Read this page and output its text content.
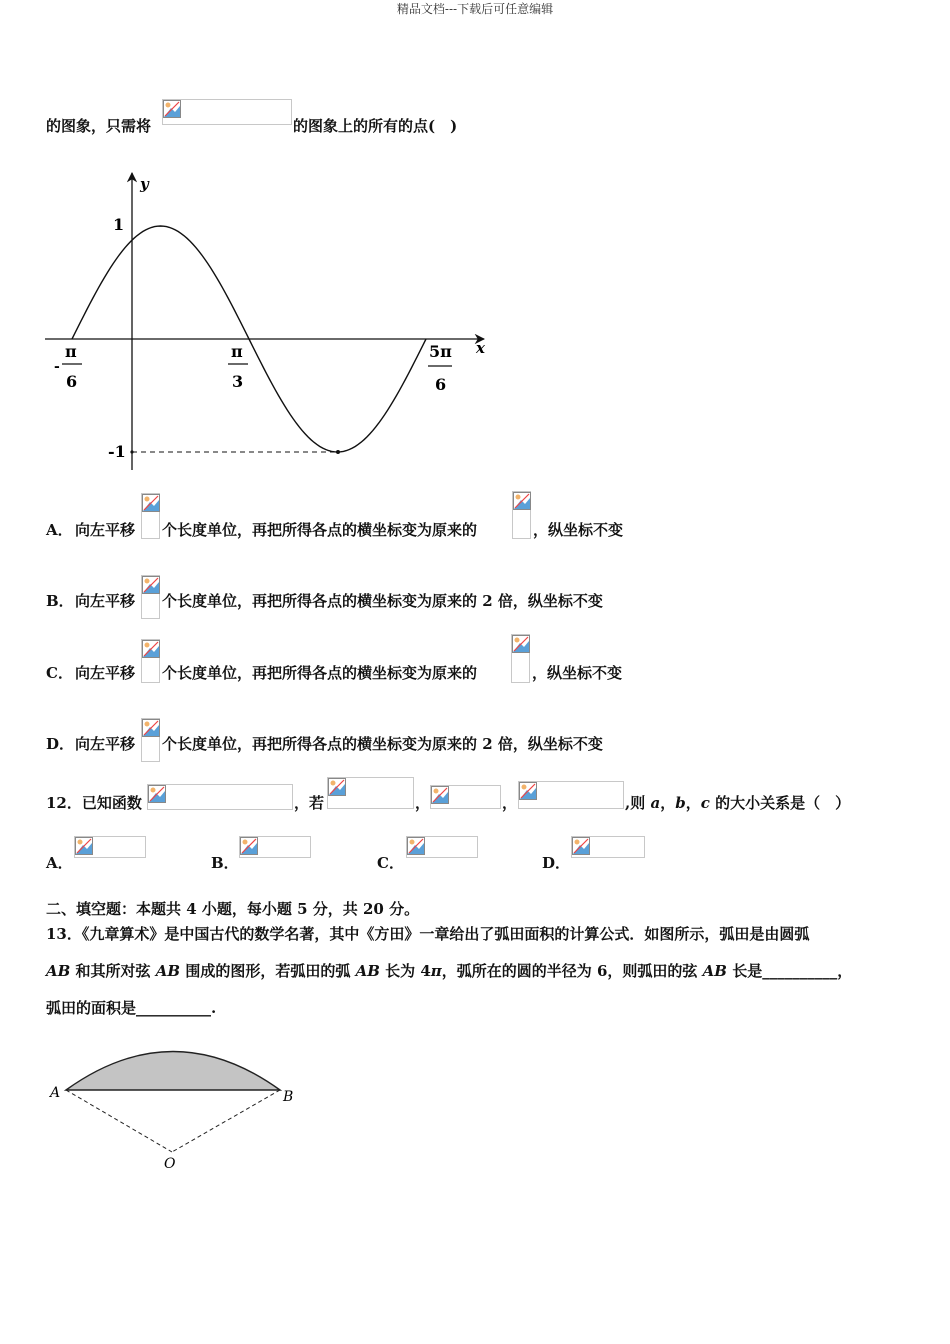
精品文档---下载后可任意编辑
的图象，只需将	的图象上的所有的点(　)
y
x
1
-1
-
π
6
π
3
5π
6
A． 向左平移 个长度单位，再把所得各点的横坐标变为原来的	，纵坐标不变
B． 向左平移 个长度单位，再把所得各点的横坐标变为原来的 2 倍，纵坐标不变
C． 向左平移 个长度单位，再把所得各点的横坐标变为原来的	，纵坐标不变
D． 向左平移 个长度单位，再把所得各点的横坐标变为原来的 2 倍，纵坐标不变
12．已知函数	，若	，	，	,则 a，b，c 的大小关系是（　）
A．	B．	C．	D．
二、填空题：本题共 4 小题，每小题 5 分，共 20 分。
13．《九章算术》是中国古代的数学名著，其中《方田》一章给出了弧田面积的计算公式．如图所示，弧田是由圆弧
AB 和其所对弦 AB 围成的图形，若弧田的弧 AB 长为 4π，弧所在的圆的半径为 6，则弧田的弦 AB 长是__________，
弧田的面积是__________.
A	B
O
